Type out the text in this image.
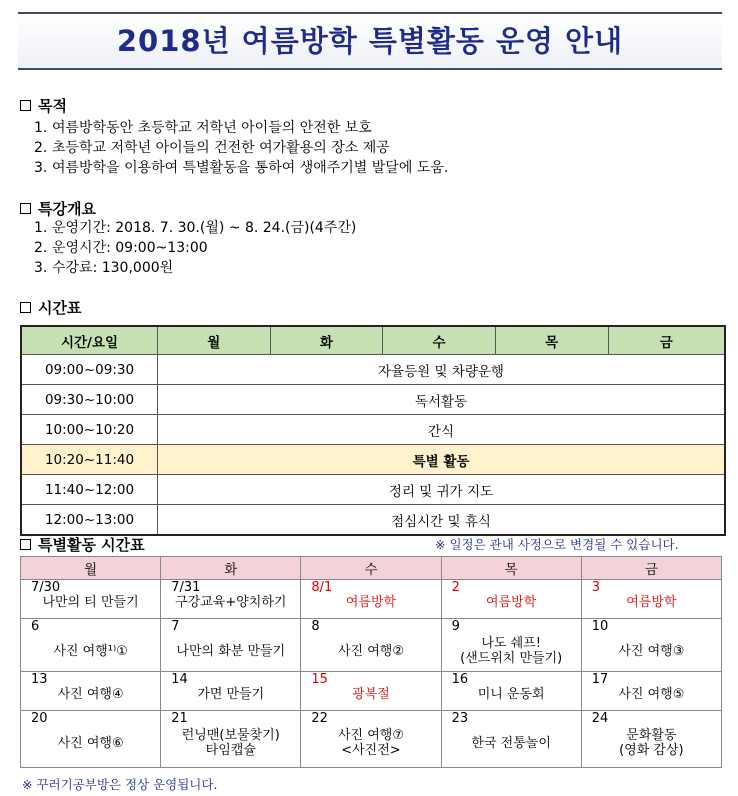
2018년 여름방학 특별활동 운영 안내
목적
1. 여름방학동안 초등학교 저학년 아이들의 안전한 보호
2. 초등학교 저학년 아이들의 건전한 여가활용의 장소 제공
3. 여름방학을 이용하여 특별활동을 통하여 생애주기별 발달에 도움.
특강개요
1. 운영기간: 2018. 7. 30.(월) ~ 8. 24.(금)(4주간)
2. 운영시간: 09:00~13:00
3. 수강료: 130,000원
시간표
시간/요일	월	화	수	목	금
09:00~09:30	자율등원 및 차량운행				
09:30~10:00	독서활동				
10:00~10:20	간식				
10:20~11:40	특별 활동				
11:40~12:00	정리 및 귀가 지도				
12:00~13:00	점심시간 및 휴식				
특별활동 시간표	※ 일정은 관내 사정으로 변경될 수 있습니다.
월	화	수	목	금

7/30
나만의 티 만들기	7/31
구강교육+양치하기	8/1
여름방학	2
여름방학	3
여름방학

6
사진 여행¹⁾①	7
나만의 화분 만들기	8
사진 여행②	9
나도 쉐프!
(샌드위치 만들기)	10
사진 여행③

13
사진 여행④	14
가면 만들기	15
광복절	16
미니 운동회	17
사진 여행⑤

20
사진 여행⑥	21
런닝맨(보물찾기)
타임캡슐	22
사진 여행⑦
<사진전>	23
한국 전통놀이	24
문화활동
(영화 감상)
※ 꾸러기공부방은 정상 운영됩니다.
